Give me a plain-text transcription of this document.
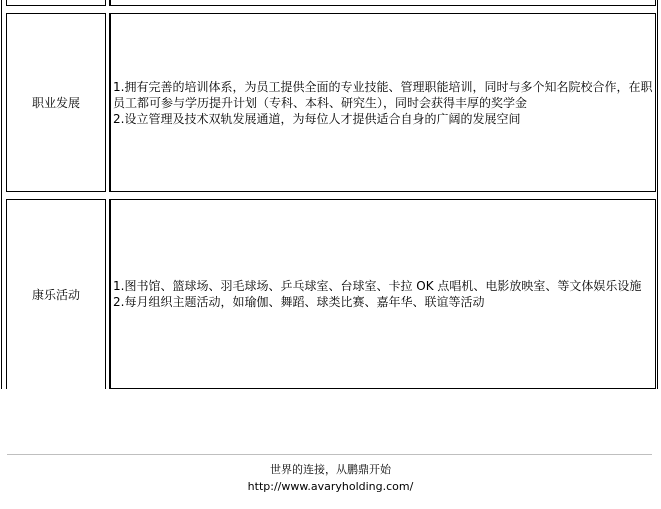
职业发展

1.拥有完善的培训体系，为员工提供全面的专业技能、管理职能培训，同时与多个知名院校合作，在职员工都可参与学历提升计划（专科、本科、研究生），同时会获得丰厚的奖学金

2.设立管理及技术双轨发展通道，为每位人才提供适合自身的广阔的发展空间

康乐活动

1.图书馆、篮球场、羽毛球场、乒乓球室、台球室、卡拉 OK 点唱机、电影放映室、等文体娱乐设施

2.每月组织主题活动，如瑜伽、舞蹈、球类比赛、嘉年华、联谊等活动

世界的连接，从鹏鼎开始
http://www.avaryholding.com/
